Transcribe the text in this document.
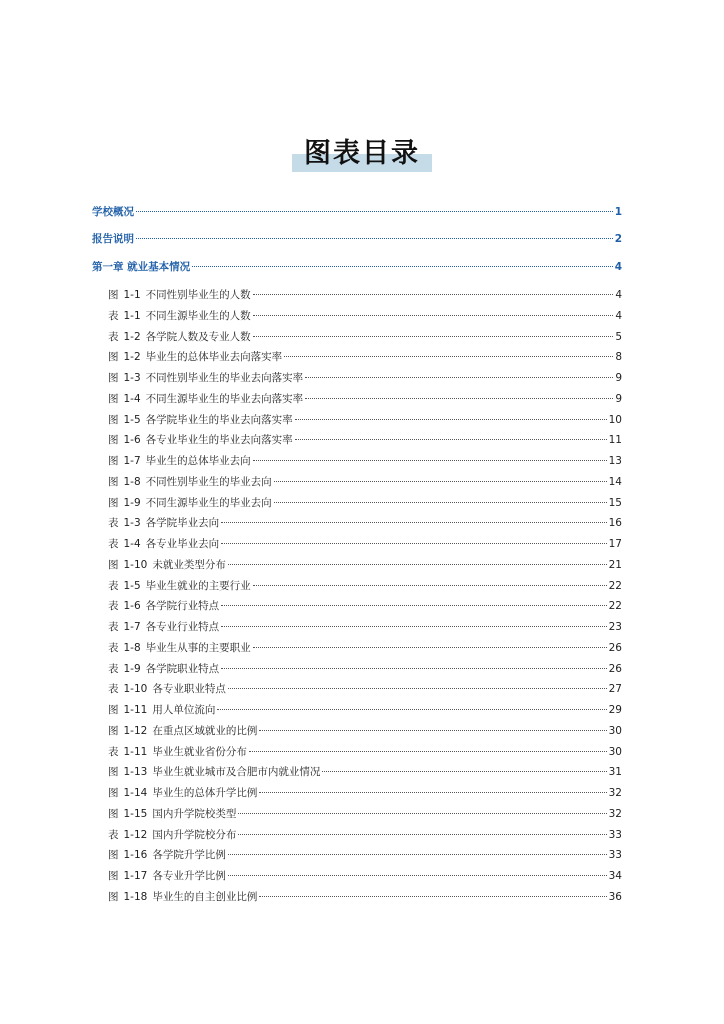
图表目录
学校概况	1
报告说明	2
第一章 就业基本情况	4
图 1-1 不同性别毕业生的人数	4
表 1-1 不同生源毕业生的人数	4
表 1-2 各学院人数及专业人数	5
图 1-2 毕业生的总体毕业去向落实率	8
图 1-3 不同性别毕业生的毕业去向落实率	9
图 1-4 不同生源毕业生的毕业去向落实率	9
图 1-5 各学院毕业生的毕业去向落实率	10
图 1-6 各专业毕业生的毕业去向落实率	11
图 1-7 毕业生的总体毕业去向	13
图 1-8 不同性别毕业生的毕业去向	14
图 1-9 不同生源毕业生的毕业去向	15
表 1-3 各学院毕业去向	16
表 1-4 各专业毕业去向	17
图 1-10 未就业类型分布	21
表 1-5 毕业生就业的主要行业	22
表 1-6 各学院行业特点	22
表 1-7 各专业行业特点	23
表 1-8 毕业生从事的主要职业	26
表 1-9 各学院职业特点	26
表 1-10 各专业职业特点	27
图 1-11 用人单位流向	29
图 1-12 在重点区域就业的比例	30
表 1-11 毕业生就业省份分布	30
图 1-13 毕业生就业城市及合肥市内就业情况	31
图 1-14 毕业生的总体升学比例	32
图 1-15 国内升学院校类型	32
表 1-12 国内升学院校分布	33
图 1-16 各学院升学比例	33
图 1-17 各专业升学比例	34
图 1-18 毕业生的自主创业比例	36
